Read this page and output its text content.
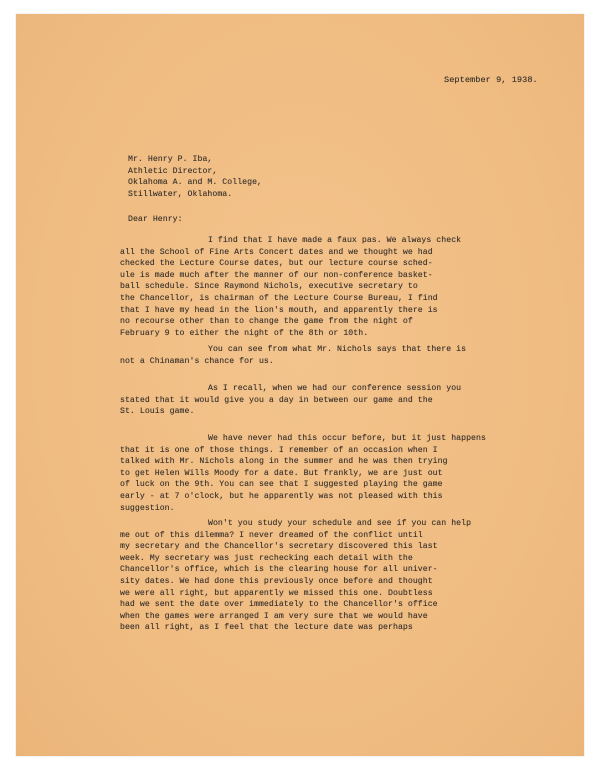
September 9, 1938.
Mr. Henry P. Iba,
Athletic Director,
Oklahoma A. and M. College,
Stillwater, Oklahoma.
Dear Henry:
I find that I have made a faux pas. We always check
all the School of Fine Arts Concert dates and we thought we had
checked the Lecture Course dates, but our lecture course sched-
ule is made much after the manner of our non-conference basket-
ball schedule. Since Raymond Nichols, executive secretary to
the Chancellor, is chairman of the Lecture Course Bureau, I find
that I have my head in the lion's mouth, and apparently there is
no recourse other than to change the game from the night of
February 9 to either the night of the 8th or 10th.
You can see from what Mr. Nichols says that there is
not a Chinaman's chance for us.
As I recall, when we had our conference session you
stated that it would give you a day in between our game and the
St. Louis game.
We have never had this occur before, but it just happens
that it is one of those things. I remember of an occasion when I
talked with Mr. Nichols along in the summer and he was then trying
to get Helen Wills Moody for a date. But frankly, we are just out
of luck on the 9th. You can see that I suggested playing the game
early - at 7 o'clock, but he apparently was not pleased with this
suggestion.
Won't you study your schedule and see if you can help
me out of this dilemma? I never dreamed of the conflict until
my secretary and the Chancellor's secretary discovered this last
week. My secretary was just rechecking each detail with the
Chancellor's office, which is the clearing house for all univer-
sity dates. We had done this previously once before and thought
we were all right, but apparently we missed this one. Doubtless
had we sent the date over immediately to the Chancellor's office
when the games were arranged I am very sure that we would have
been all right, as I feel that the lecture date was perhaps
